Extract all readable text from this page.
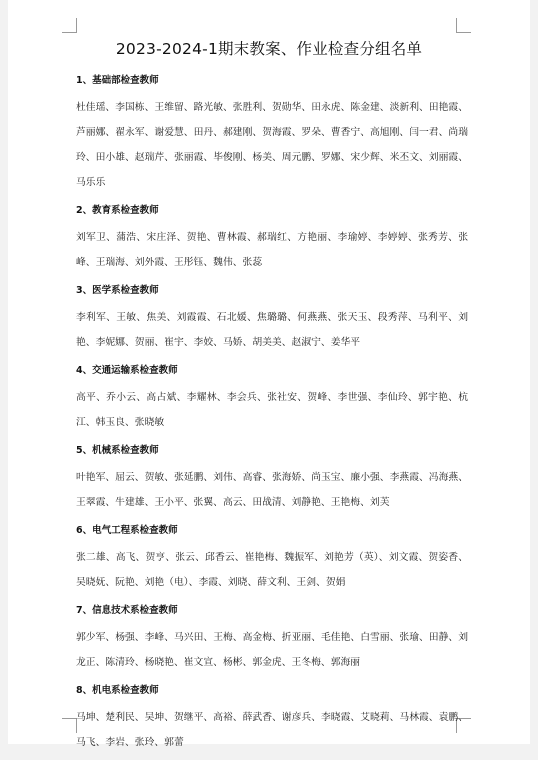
2023-2024-1期末教案、作业检查分组名单
1、基础部检查教师
杜佳瑶、李国栋、王维留、路光敏、张胜利、贺勋华、田永虎、陈金建、淡新利、田艳霞、芦丽娜、翟永军、谢爱慧、田丹、郝建刚、贺海霞、罗朵、曹香宁、高旭刚、闫一君、尚瑞玲、田小雄、赵瑞芹、张丽霞、毕俊刚、杨美、周元鹏、罗娜、宋少辉、米丕文、刘丽霞、马乐乐
2、教育系检查教师
刘军卫、蒲浩、宋庄泽、贺艳、曹林霞、郝瑞红、方艳丽、李瑜婷、李婷婷、张秀芳、张峰、王瑞海、刘外霞、王彤钰、魏伟、张蕊
3、医学系检查教师
李利军、王敏、焦美、刘霞霞、石北媛、焦璐璐、何燕燕、张天玉、段秀萍、马利平、刘艳、李妮娜、贺丽、崔宇、李姣、马娇、胡美美、赵淑宁、姜华平
4、交通运输系检查教师
高平、乔小云、高占斌、李耀林、李会兵、张社安、贺峰、李世强、李仙玲、郭宇艳、杭江、韩玉良、张晓敏
5、机械系检查教师
叶艳军、屈云、贺敏、张延鹏、刘伟、高睿、张海娇、尚玉宝、廉小强、李燕霞、冯海燕、王翠霞、牛建雄、王小平、张翼、高云、田战清、刘静艳、王艳梅、刘芙
6、电气工程系检查教师
张二雄、高飞、贺亨、张云、邱香云、崔艳梅、魏振军、刘艳芳（英）、刘文霞、贺姿香、吴晓妩、阮艳、刘艳（电）、李霞、刘晓、薛文利、王剑、贺娟
7、信息技术系检查教师
郭少军、杨强、李峰、马兴田、王梅、高金梅、折亚丽、毛佳艳、白雪丽、张瑜、田静、刘龙正、陈清玲、杨晓艳、崔文宣、杨彬、郭金虎、王冬梅、郭海丽
8、机电系检查教师
马坤、楚利民、吴坤、贺继平、高裕、薛武香、谢彦兵、李晓霞、艾晓莉、马林霞、袁鹏、马飞、李岩、张玲、郭蕾
